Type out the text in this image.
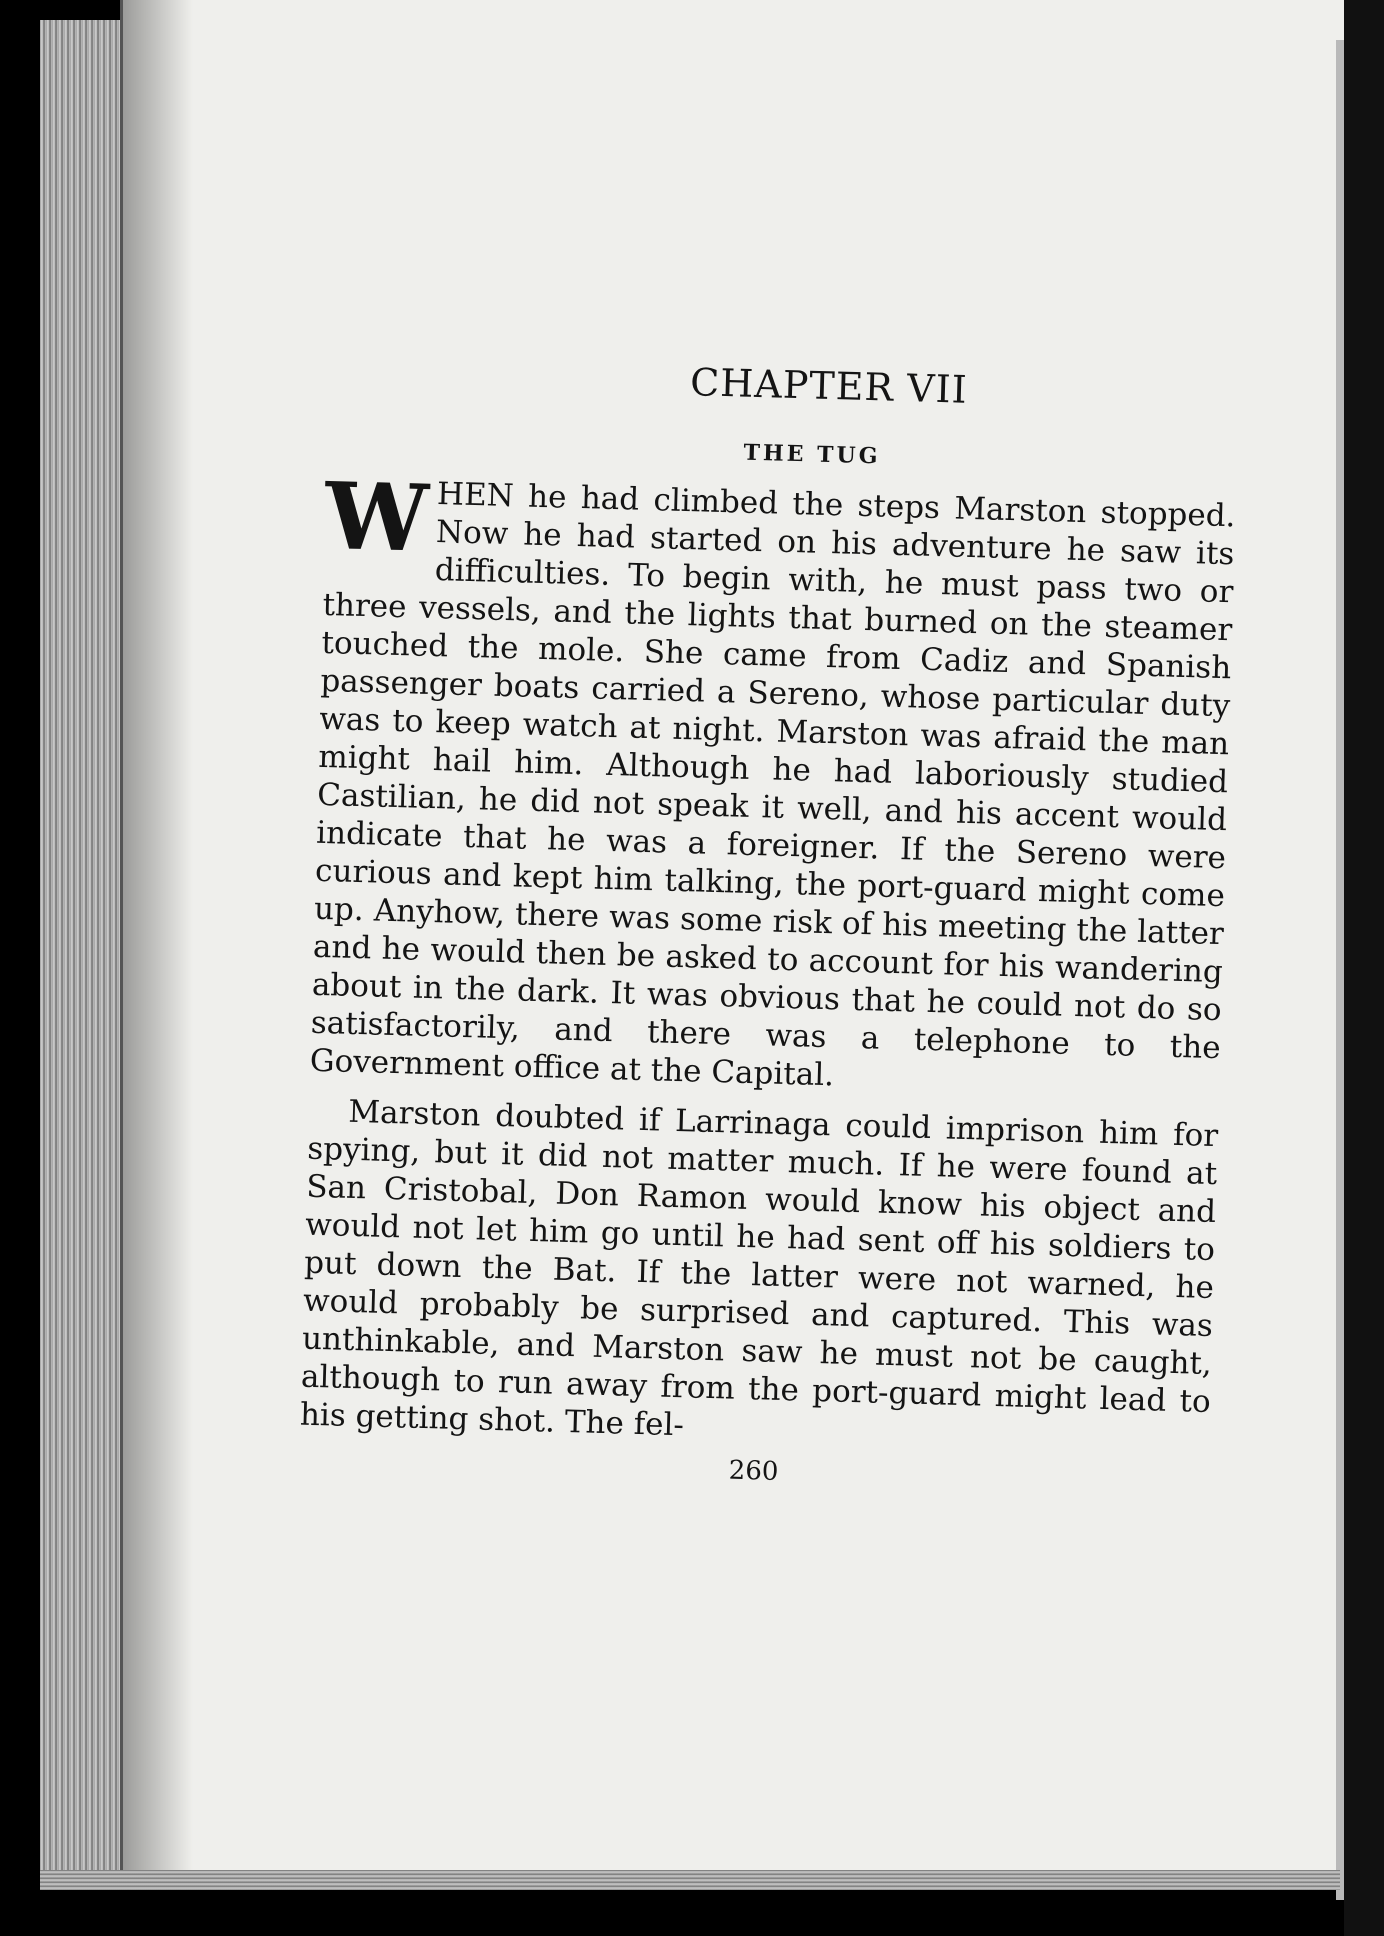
CHAPTER VII
THE TUG

WHEN he had climbed the steps Marston stopped. Now he had started on his adventure he saw its difficulties. To begin with, he must pass two or three vessels, and the lights that burned on the steamer touched the mole. She came from Cadiz and Spanish passenger boats carried a Sereno, whose particular duty was to keep watch at night. Marston was afraid the man might hail him. Although he had laboriously studied Castilian, he did not speak it well, and his accent would indicate that he was a foreigner. If the Sereno were curious and kept him talking, the port-guard might come up. Anyhow, there was some risk of his meeting the latter and he would then be asked to account for his wandering about in the dark. It was obvious that he could not do so satisfactorily, and there was a telephone to the Government office at the Capital.

Marston doubted if Larrinaga could imprison him for spying, but it did not matter much. If he were found at San Cristobal, Don Ramon would know his object and would not let him go until he had sent off his soldiers to put down the Bat. If the latter were not warned, he would probably be surprised and captured. This was unthinkable, and Marston saw he must not be caught, although to run away from the port-guard might lead to his getting shot. The fel-

260
